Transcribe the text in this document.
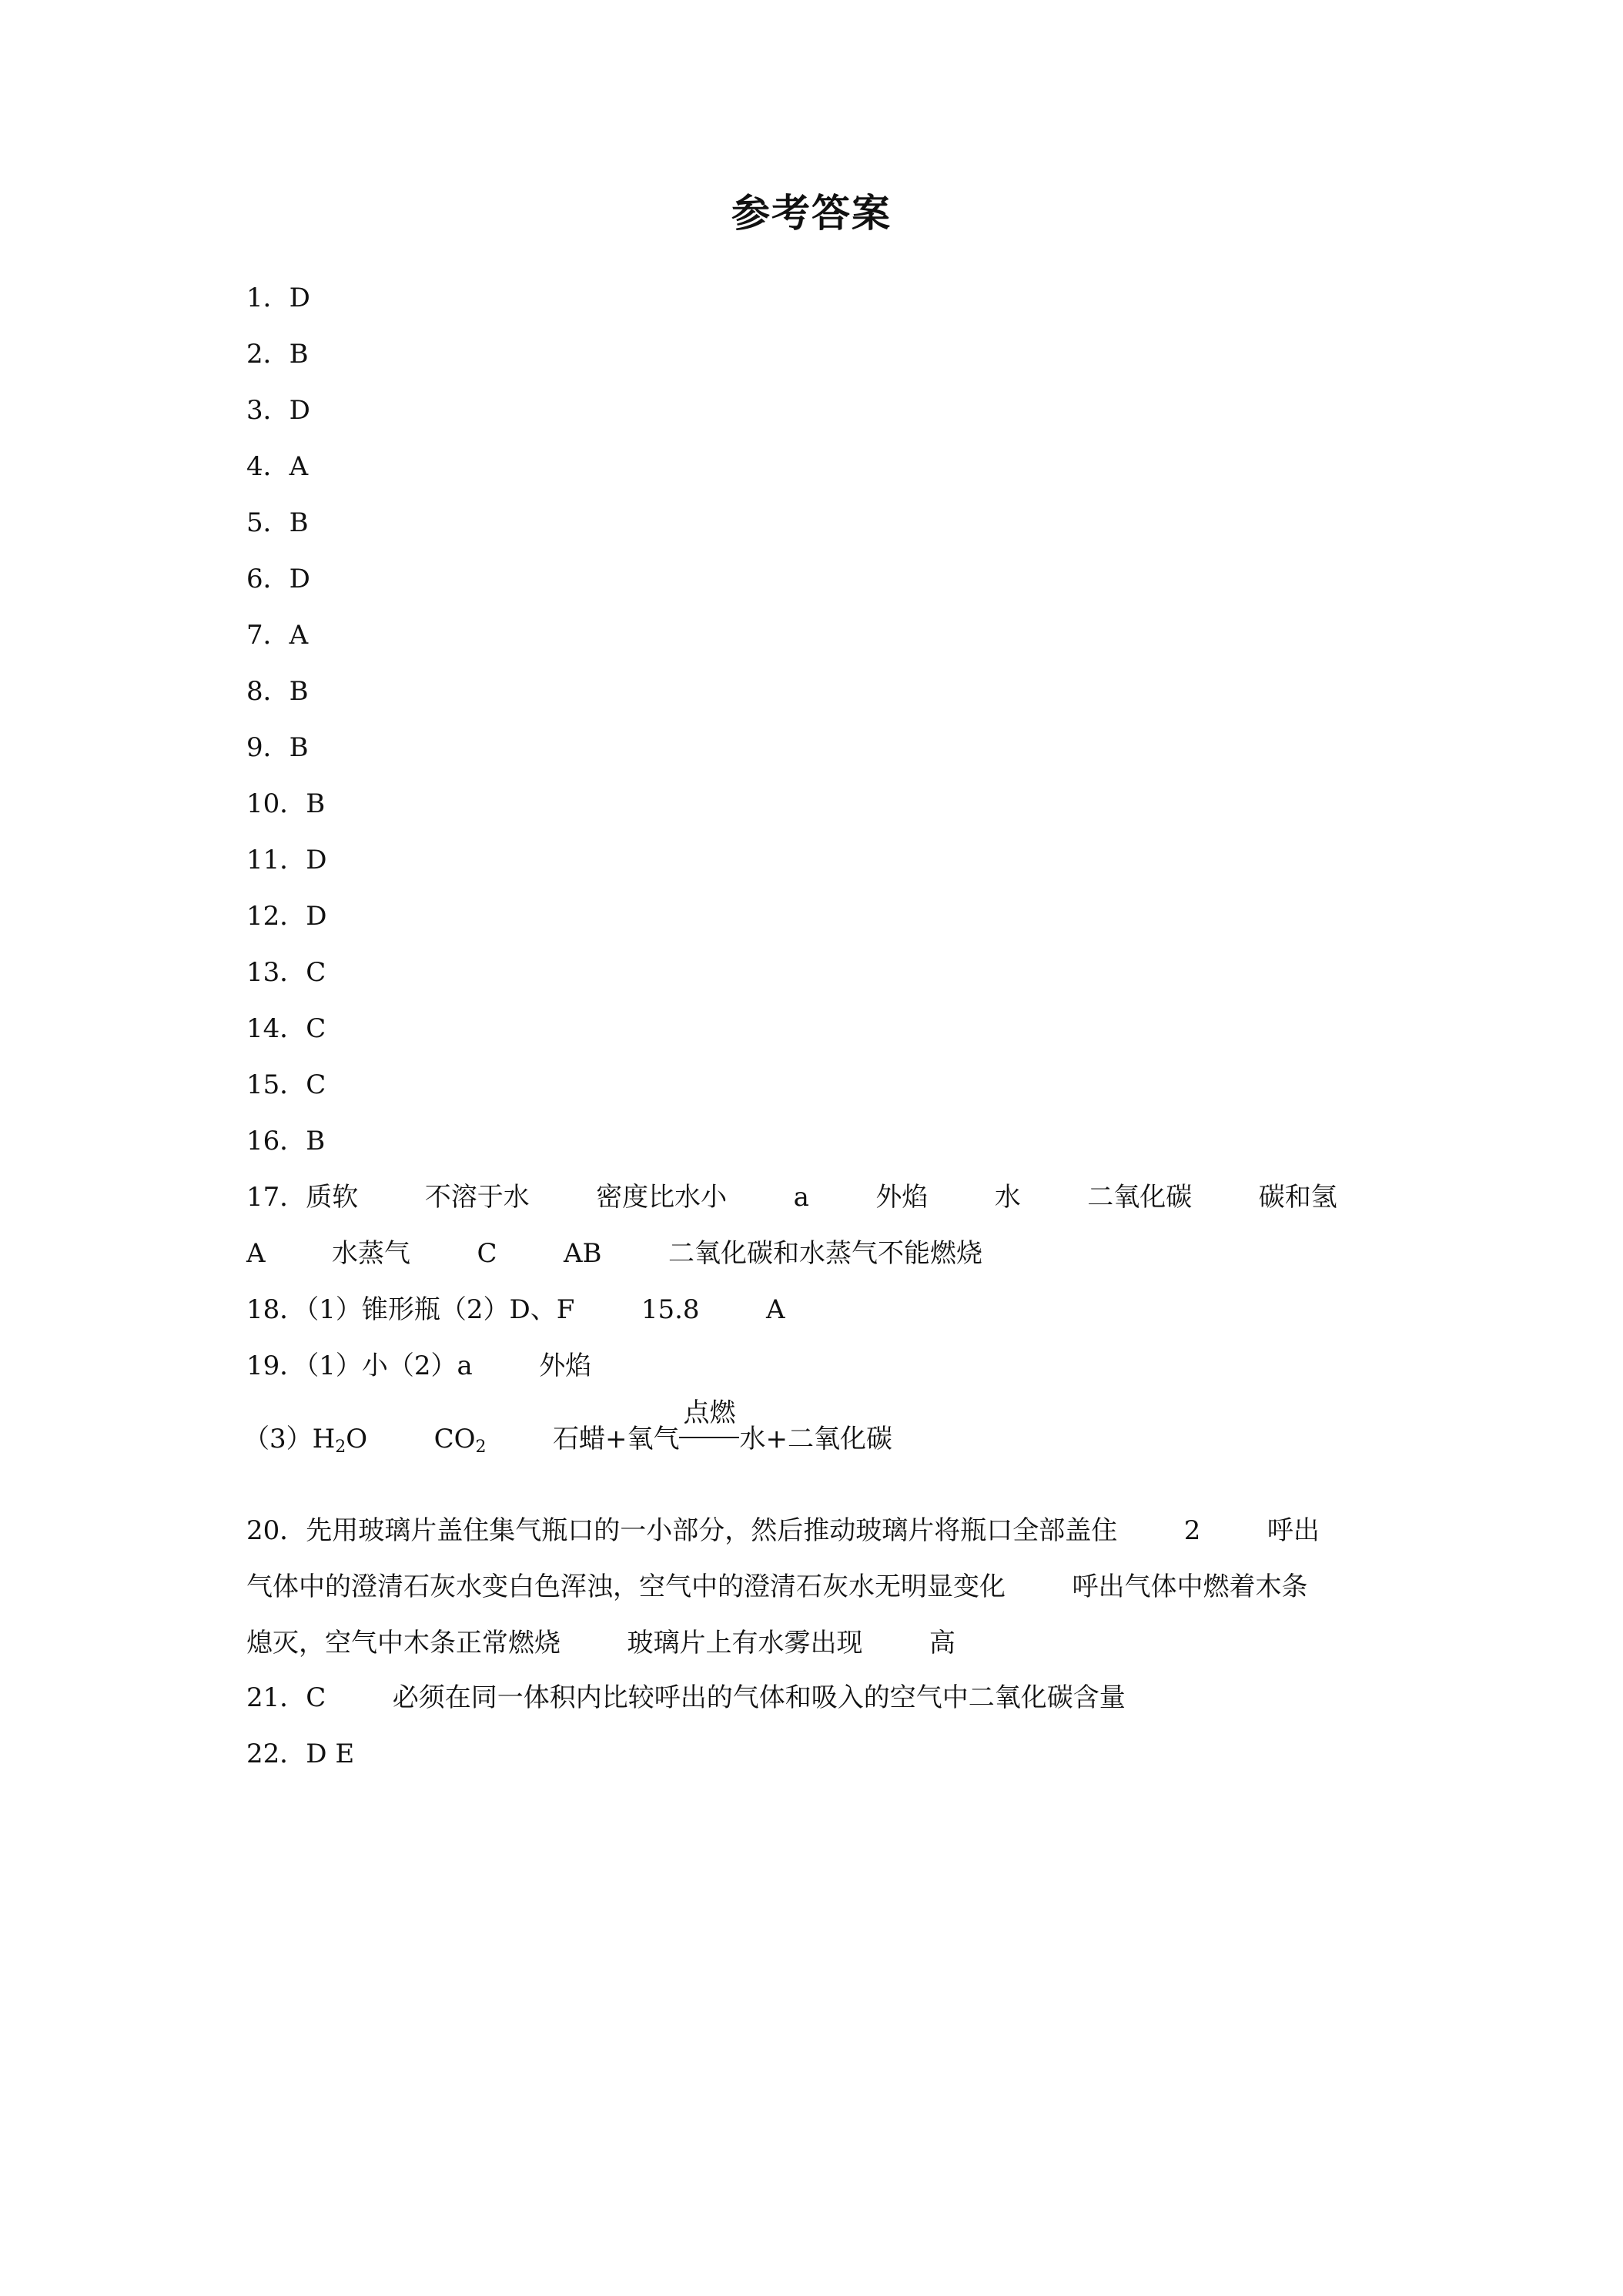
参考答案
1．D
2．B
3．D
4．A
5．B
6．D
7．A
8．B
9．B
10．B
11．D
12．D
13．C
14．C
15．C
16．B
17．质软        不溶于水        密度比水小        a        外焰        水        二氧化碳        碳和氢
A        水蒸气        C        AB        二氧化碳和水蒸气不能燃烧
18．（1）锥形瓶（2）D、F        15.8        A
19．（1）小（2）a        外焰
$(3)H_2O$        $CO_2$        石蜡+氧气
点燃
水+二氧化碳
20．先用玻璃片盖住集气瓶口的一小部分，然后推动玻璃片将瓶口全部盖住        2        呼出
气体中的澄清石灰水变白色浑浊，空气中的澄清石灰水无明显变化        呼出气体中燃着木条
熄灭，空气中木条正常燃烧        玻璃片上有水雾出现        高
21．C        必须在同一体积内比较呼出的气体和吸入的空气中二氧化碳含量
22．D E
